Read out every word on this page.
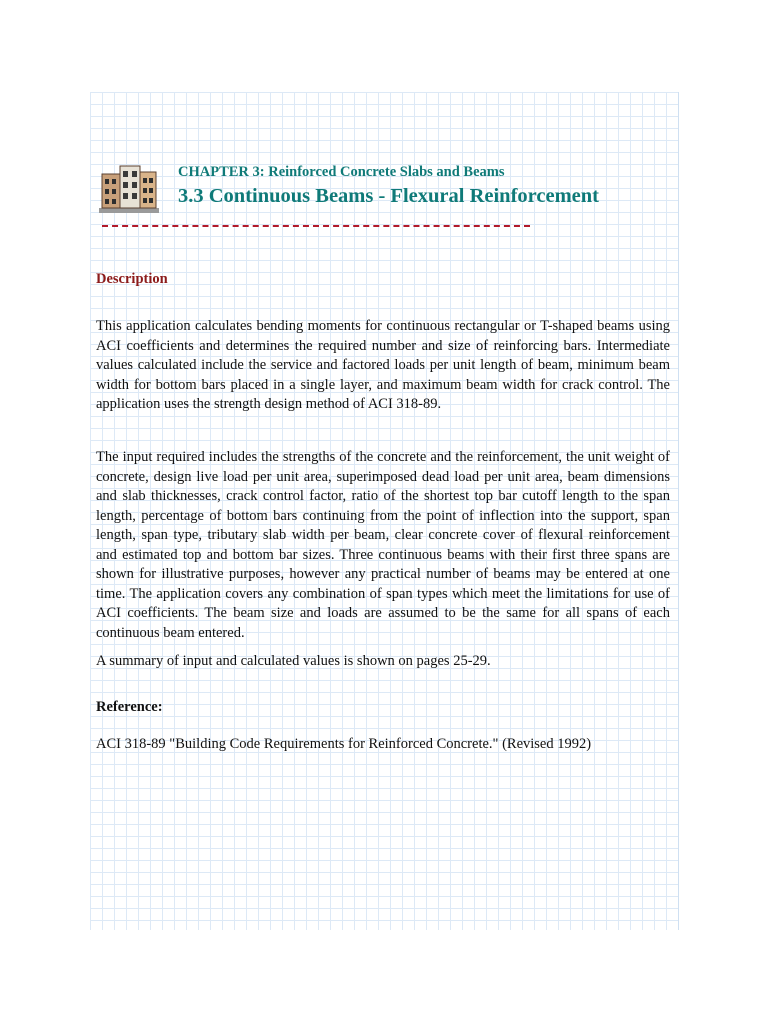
CHAPTER 3: Reinforced Concrete Slabs and Beams
3.3 Continuous Beams - Flexural Reinforcement
Description

This application calculates bending moments for continuous rectangular or T-shaped beams using ACI coefficients and determines the required number and size of reinforcing bars. Intermediate values calculated include the service and factored loads per unit length of beam, minimum beam width for bottom bars placed in a single layer, and maximum beam width for crack control. The application uses the strength design method of ACI 318-89.

The input required includes the strengths of the concrete and the reinforcement, the unit weight of concrete, design live load per unit area, superimposed dead load per unit area, beam dimensions and slab thicknesses, crack control factor, ratio of the shortest top bar cutoff length to the span length, percentage of bottom bars continuing from the point of inflection into the support, span length, span type, tributary slab width per beam, clear concrete cover of flexural reinforcement and estimated top and bottom bar sizes. Three continuous beams with their first three spans are shown for illustrative purposes, however any practical number of beams may be entered at one time. The application covers any combination of span types which meet the limitations for use of ACI coefficients. The beam size and loads are assumed to be the same for all spans of each continuous beam entered.

A summary of input and calculated values is shown on pages 25-29.

Reference:

ACI 318-89 "Building Code Requirements for Reinforced Concrete." (Revised 1992)
